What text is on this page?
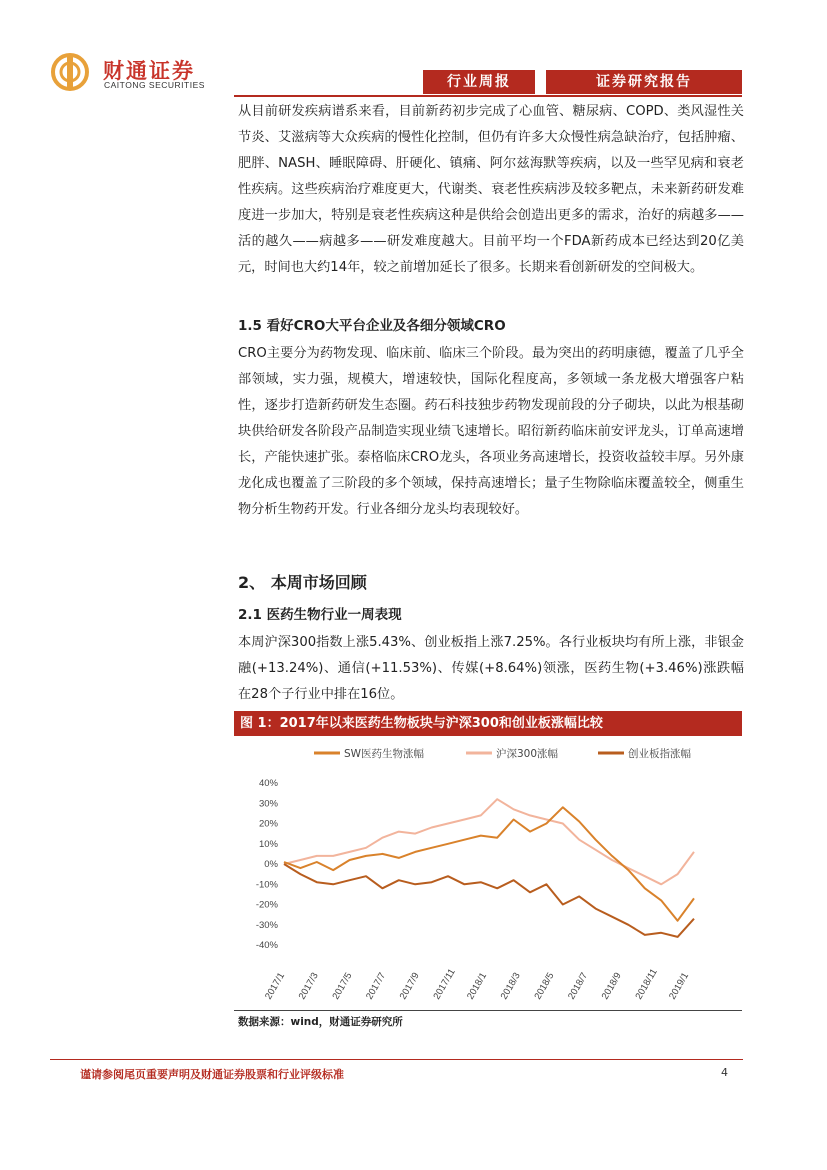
财通证券
CAITONG SECURITIES	行业周报	证券研究报告
从目前研发疾病谱系来看，目前新药初步完成了心血管、糖尿病、COPD、类风湿性关节炎、艾滋病等大众疾病的慢性化控制，但仍有许多大众慢性病急缺治疗，包括肿瘤、肥胖、NASH、睡眠障碍、肝硬化、镇痛、阿尔兹海默等疾病，以及一些罕见病和衰老性疾病。这些疾病治疗难度更大，代谢类、衰老性疾病涉及较多靶点，未来新药研发难度进一步加大，特别是衰老性疾病这种是供给会创造出更多的需求，治好的病越多——活的越久——病越多——研发难度越大。目前平均一个FDA新药成本已经达到20亿美元，时间也大约14年，较之前增加延长了很多。长期来看创新研发的空间极大。
1.5 看好CRO大平台企业及各细分领域CRO
CRO主要分为药物发现、临床前、临床三个阶段。最为突出的药明康德，覆盖了几乎全部领域，实力强，规模大，增速较快，国际化程度高，多领域一条龙极大增强客户粘性，逐步打造新药研发生态圈。药石科技独步药物发现前段的分子砌块，以此为根基砌块供给研发各阶段产品制造实现业绩飞速增长。昭衍新药临床前安评龙头，订单高速增长，产能快速扩张。泰格临床CRO龙头，各项业务高速增长，投资收益较丰厚。另外康龙化成也覆盖了三阶段的多个领域，保持高速增长；量子生物除临床覆盖较全，侧重生物分析生物药开发。行业各细分龙头均表现较好。
2、 本周市场回顾
2.1 医药生物行业一周表现
本周沪深300指数上涨5.43%、创业板指上涨7.25%。各行业板块均有所上涨，非银金融(+13.24%)、通信(+11.53%)、传媒(+8.64%)领涨，医药生物(+3.46%)涨跌幅在28个子行业中排在16位。
图 1：2017年以来医药生物板块与沪深300和创业板涨幅比较
SW医药生物涨幅	沪深300涨幅	创业板指涨幅
40%
30%
20%
10%
0%
-10%
-20%
-30%
-40%
2017/1 2017/3 2017/5 2017/7 2017/9 2017/11 2018/1 2018/3 2018/5 2018/7 2018/9 2018/11 2019/1
数据来源：wind，财通证券研究所
谨请参阅尾页重要声明及财通证券股票和行业评级标准	4
